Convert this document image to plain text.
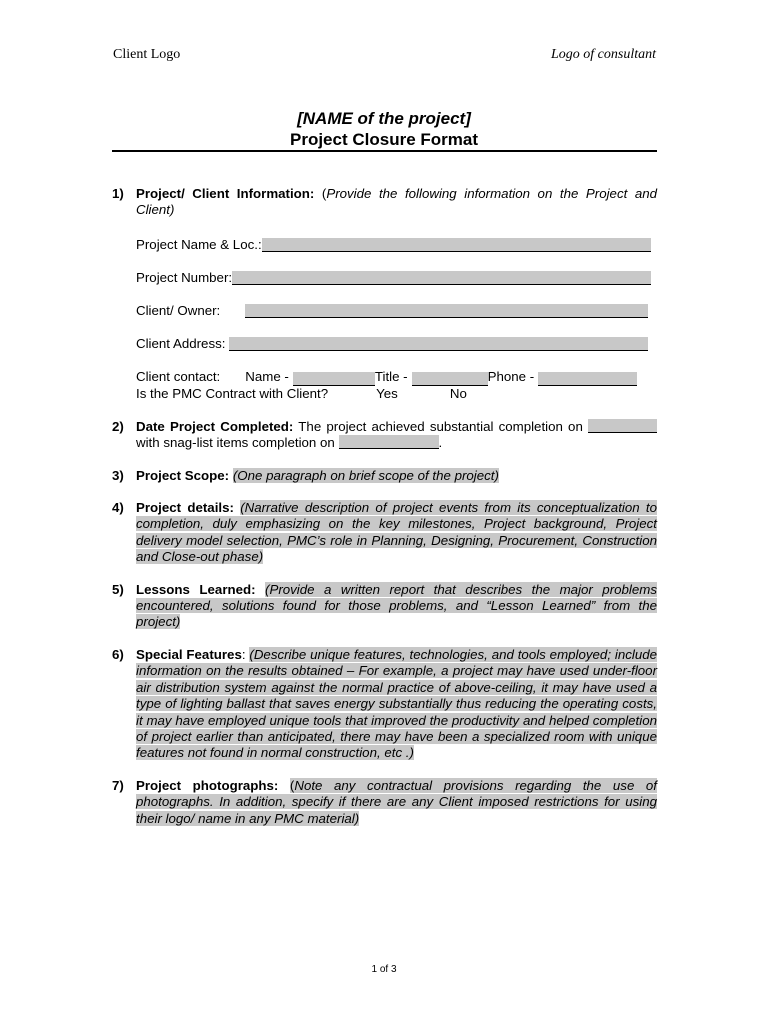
Client Logo	Logo of consultant
[NAME of the project]
Project Closure Format
1) Project/ Client Information: (Provide the following information on the Project and Client)
Project Name & Loc.:
Project Number:
Client/ Owner:
Client Address:
Client contact: Name -	Title -	Phone -
Is the PMC Contract with Client?	Yes	No
2) Date Project Completed: The project achieved substantial completion on  with snag-list items completion on	.
3) Project Scope: (One paragraph on brief scope of the project)
4) Project details: (Narrative description of project events from its conceptualization to completion, duly emphasizing on the key milestones, Project background, Project delivery model selection, PMC’s role in Planning, Designing, Procurement, Construction and Close-out phase)
5) Lessons Learned: (Provide a written report that describes the major problems encountered, solutions found for those problems, and “Lesson Learned” from the project)
6) Special Features: (Describe unique features, technologies, and tools employed; include information on the results obtained – For example, a project may have used under-floor air distribution system against the normal practice of above-ceiling, it may have used a type of lighting ballast that saves energy substantially thus reducing the operating costs, it may have employed unique tools that improved the productivity and helped completion of project earlier than anticipated, there may have been a specialized room with unique features not found in normal construction, etc .)
7) Project photographs: (Note any contractual provisions regarding the use of photographs. In addition, specify if there are any Client imposed restrictions for using their logo/ name in any PMC material)
1 of 3
